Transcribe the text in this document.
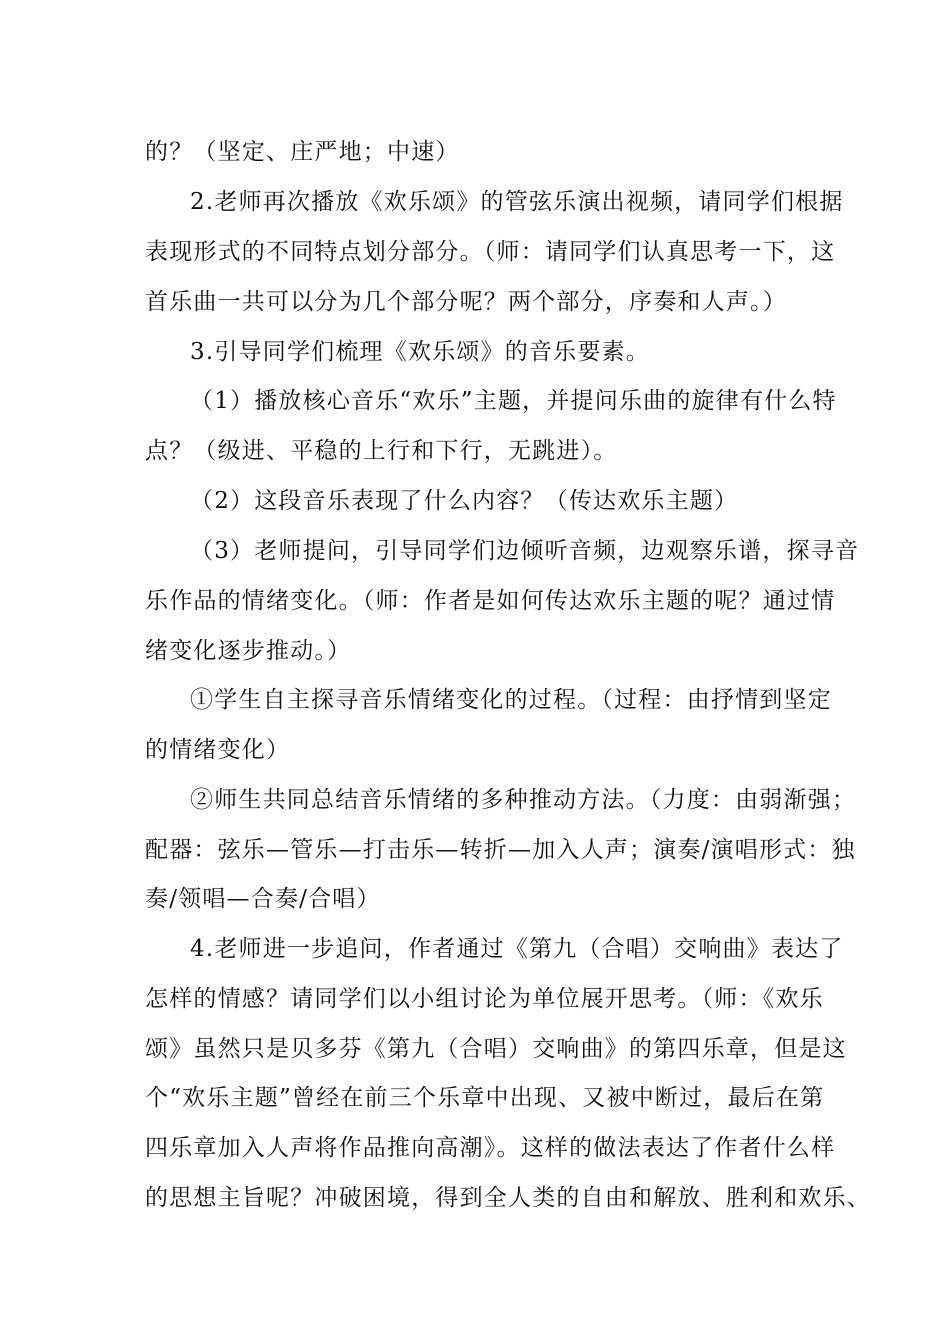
的？（坚定、庄严地；中速）
2.老师再次播放《欢乐颂》的管弦乐演出视频，请同学们根据
表现形式的不同特点划分部分。（师：请同学们认真思考一下，这
首乐曲一共可以分为几个部分呢？两个部分，序奏和人声。）
3.引导同学们梳理《欢乐颂》的音乐要素。
（1）播放核心音乐“欢乐”主题，并提问乐曲的旋律有什么特
点？（级进、平稳的上行和下行，无跳进）。
（2）这段音乐表现了什么内容？（传达欢乐主题）
（3）老师提问，引导同学们边倾听音频，边观察乐谱，探寻音
乐作品的情绪变化。（师：作者是如何传达欢乐主题的呢？通过情
绪变化逐步推动。）
①学生自主探寻音乐情绪变化的过程。（过程：由抒情到坚定
的情绪变化）
②师生共同总结音乐情绪的多种推动方法。（力度：由弱渐强；
配器：弦乐—管乐—打击乐—转折—加入人声；演奏/演唱形式：独
奏/领唱—合奏/合唱）
4.老师进一步追问，作者通过《第九（合唱）交响曲》表达了
怎样的情感？请同学们以小组讨论为单位展开思考。（师：《欢乐
颂》虽然只是贝多芬《第九（合唱）交响曲》的第四乐章，但是这
个“欢乐主题”曾经在前三个乐章中出现、又被中断过，最后在第
四乐章加入人声将作品推向高潮》。这样的做法表达了作者什么样
的思想主旨呢？冲破困境，得到全人类的自由和解放、胜利和欢乐、
